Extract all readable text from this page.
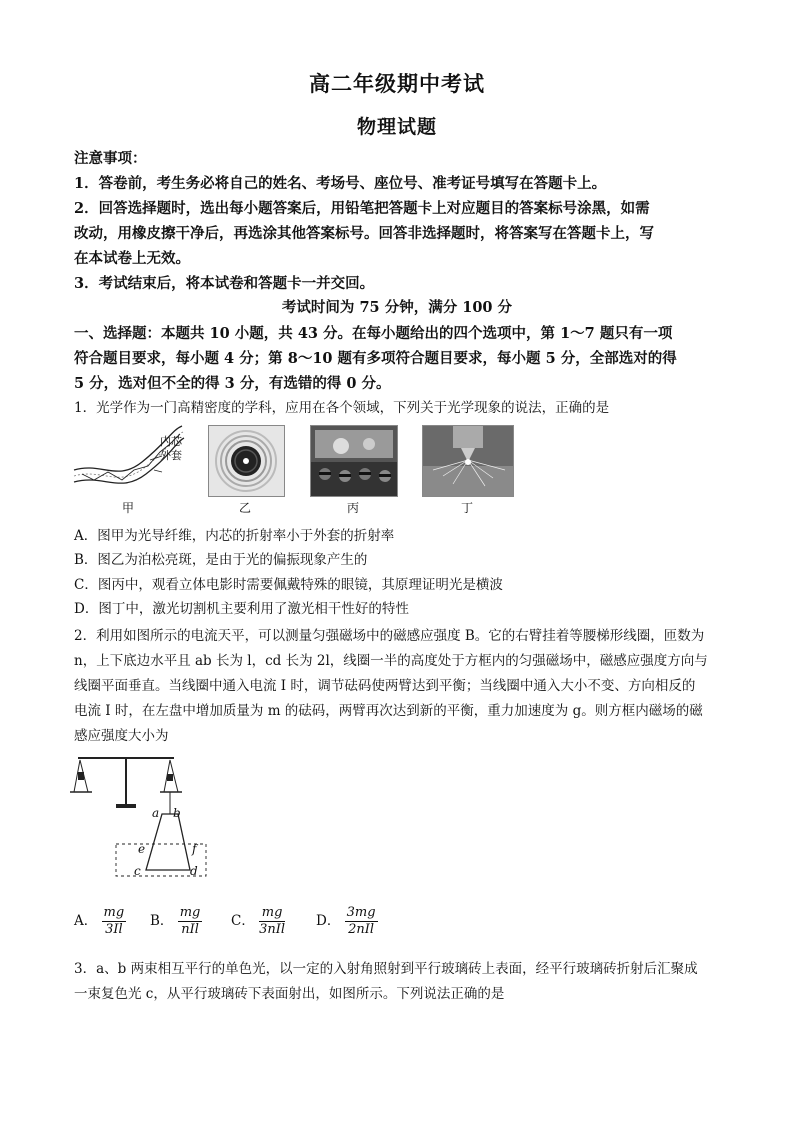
高二年级期中考试
物理试题
注意事项：
1．答卷前，考生务必将自己的姓名、考场号、座位号、准考证号填写在答题卡上。
2．回答选择题时，选出每小题答案后，用铅笔把答题卡上对应题目的答案标号涂黑，如需
改动，用橡皮擦干净后，再选涂其他答案标号。回答非选择题时，将答案写在答题卡上，写
在本试卷上无效。
3．考试结束后，将本试卷和答题卡一并交回。
考试时间为 75 分钟，满分 100 分
一、选择题：本题共 10 小题，共 43 分。在每小题给出的四个选项中，第 1～7 题只有一项
符合题目要求，每小题 4 分；第 8～10 题有多项符合题目要求，每小题 5 分，全部选对的得
5 分，选对但不全的得 3 分，有选错的得 0 分。
1．光学作为一门高精密度的学科，应用在各个领域，下列关于光学现象的说法，正确的是
内芯
外套
甲	乙	丙	丁
A．图甲为光导纤维，内芯的折射率小于外套的折射率
B．图乙为泊松亮斑，是由于光的偏振现象产生的
C．图丙中，观看立体电影时需要佩戴特殊的眼镜，其原理证明光是横波
D．图丁中，激光切割机主要利用了激光相干性好的特性
2．利用如图所示的电流天平，可以测量匀强磁场中的磁感应强度 B。它的右臂挂着等腰梯形线圈，匝数为
n，上下底边水平且 ab 长为 l，cd 长为 2l，线圈一半的高度处于方框内的匀强磁场中，磁感应强度方向与
线圈平面垂直。当线圈中通入电流 I 时，调节砝码使两臂达到平衡；当线圈中通入大小不变、方向相反的
电流 I 时，在左盘中增加质量为 m 的砝码，两臂再次达到新的平衡，重力加速度为 g。则方框内磁场的磁
感应强度大小为
a b
e	f
c	d
A． $\frac{mg}{3Il}$ B． $\frac{mg}{\text{nIl}}$ C． $\frac{mg}{\text{3nIl}}$ D． $\frac{3mg}{\text{2nIl}}$
3．a、b 两束相互平行的单色光，以一定的入射角照射到平行玻璃砖上表面，经平行玻璃砖折射后汇聚成
一束复色光 c，从平行玻璃砖下表面射出，如图所示。下列说法正确的是
